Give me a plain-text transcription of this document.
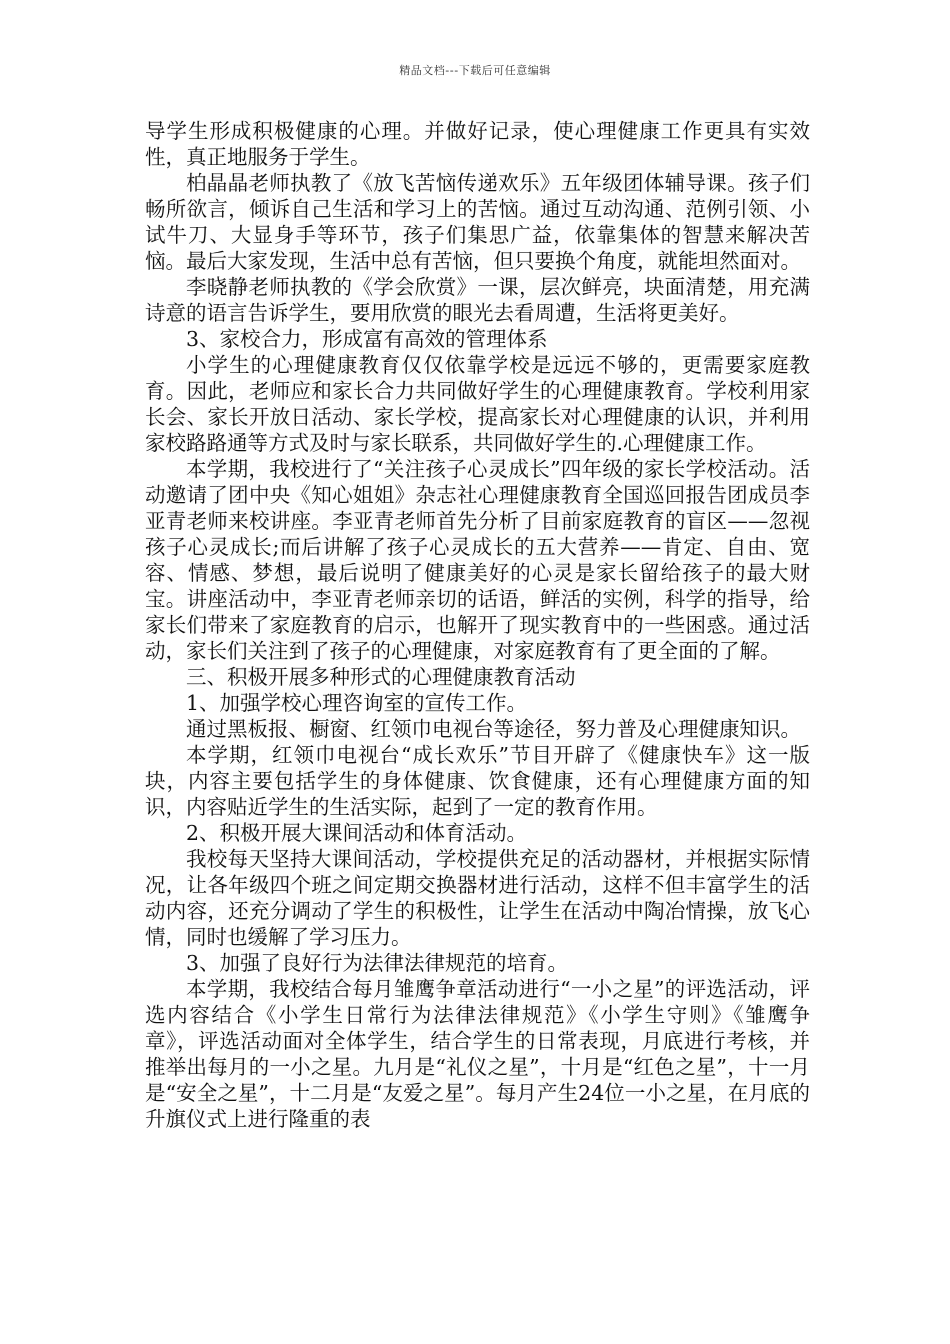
精品文档---下载后可任意编辑

导学生形成积极健康的心理。并做好记录，使心理健康工作更具有实效性，真正地服务于学生。

柏晶晶老师执教了《放飞苦恼传递欢乐》五年级团体辅导课。孩子们畅所欲言，倾诉自己生活和学习上的苦恼。通过互动沟通、范例引领、小试牛刀、大显身手等环节，孩子们集思广益，依靠集体的智慧来解决苦恼。最后大家发现，生活中总有苦恼，但只要换个角度，就能坦然面对。

李晓静老师执教的《学会欣赏》一课，层次鲜亮，块面清楚，用充满诗意的语言告诉学生，要用欣赏的眼光去看周遭，生活将更美好。

3、家校合力，形成富有高效的管理体系

小学生的心理健康教育仅仅依靠学校是远远不够的，更需要家庭教育。因此，老师应和家长合力共同做好学生的心理健康教育。学校利用家长会、家长开放日活动、家长学校，提高家长对心理健康的认识，并利用家校路路通等方式及时与家长联系，共同做好学生的.心理健康工作。

本学期，我校进行了“关注孩子心灵成长”四年级的家长学校活动。活动邀请了团中央《知心姐姐》杂志社心理健康教育全国巡回报告团成员李亚青老师来校讲座。李亚青老师首先分析了目前家庭教育的盲区——忽视孩子心灵成长;而后讲解了孩子心灵成长的五大营养——肯定、自由、宽容、情感、梦想，最后说明了健康美好的心灵是家长留给孩子的最大财宝。讲座活动中，李亚青老师亲切的话语，鲜活的实例，科学的指导，给家长们带来了家庭教育的启示，也解开了现实教育中的一些困惑。通过活动，家长们关注到了孩子的心理健康，对家庭教育有了更全面的了解。

三、积极开展多种形式的心理健康教育活动

1、加强学校心理咨询室的宣传工作。

通过黑板报、橱窗、红领巾电视台等途径，努力普及心理健康知识。

本学期，红领巾电视台“成长欢乐”节目开辟了《健康快车》这一版块，内容主要包括学生的身体健康、饮食健康，还有心理健康方面的知识，内容贴近学生的生活实际，起到了一定的教育作用。

2、积极开展大课间活动和体育活动。

我校每天坚持大课间活动，学校提供充足的活动器材，并根据实际情况，让各年级四个班之间定期交换器材进行活动，这样不但丰富学生的活动内容，还充分调动了学生的积极性，让学生在活动中陶冶情操，放飞心情，同时也缓解了学习压力。

3、加强了良好行为法律法律规范的培育。

本学期，我校结合每月雏鹰争章活动进行“一小之星”的评选活动，评选内容结合《小学生日常行为法律法律规范》《小学生守则》《雏鹰争章》，评选活动面对全体学生，结合学生的日常表现，月底进行考核，并推举出每月的一小之星。九月是“礼仪之星”，十月是“红色之星”，十一月是“安全之星”，十二月是“友爱之星”。每月产生24位一小之星，在月底的升旗仪式上进行隆重的表
